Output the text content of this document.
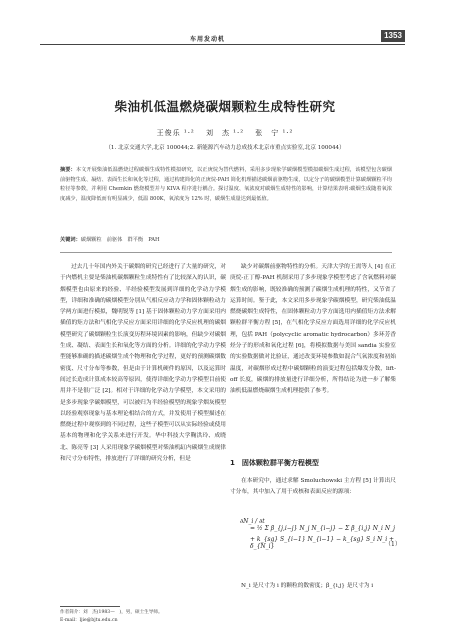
车用发动机	1353
柴油机低温燃烧碳烟颗粒生成特性研究
王俊乐 ¹·² 　刘　杰 ¹·² 　张　宁 ¹·²
（1. 北京交通大学,北京 100044;2. 新能源汽车动力总成技术北京市重点实验室,北京 100044）
摘要：本文开展柴油低温燃烧过程碳烟生成特性模拟研究，以正庚烷为替代燃料，采用多步现象学碳烟模型模拟碳烟生成过程，该模型包含碳烟前驱物生成、凝结、表面生长和氧化等过程，通过构建简化的正庚烷-PAH 简化机理描述碳烟前驱物生成，以定分子的碳烟模型计算碳烟颗粒平均粒径等参数，并利用 Chemkin 燃烧模型并与 KIVA 程序进行耦合。探讨温度、氧浓度对碳烟生成特性的影响，计算结果表明:碳烟生成随着氧浓度减少，温度降低而有明显减少，低温 800K，氧浓度为 12% 时，碳烟生成量达到最低值。
关键词：碳烟颗粒　前驱体　群平衡　PAH

过去几十年国内外关于碳烟的研究已经进行了大量的研究，对于内燃机主要是柴油机碳烟颗粒生成特性有了比较深入的认识，碳烟模型也由原来的经验、半经验模型发展到详细的化学动力学模型，详细和准确的碳烟模型分别从气相反应动力学和固体颗粒动力学两方面进行模拟，魏明锐等 [1] 基于固体颗粒动力学方面采用内插值的矩方法和气相化学反应方面采用详细的化学反应机理的碳烟模型研究了碳烟颗粒生长演变历程环境因素的影响，但缺少对碳烟生成、凝结、表面生长和氧化等方面的分析。详细的化学动力学模型能够准确的描述碳烟生成个物理和化学过程，更好的预测碳烟数密度、尺寸分布等参数，但是由于计算机硬件的原因，以及运算时间过长造成计算成本较高等原因，使得详细化学动力学模型目前使用并不是很广泛 [2]。相对于详细的化学动力学模型，本文采用的是多步现象学碳烟模型，可以被归为半经验模型的现象学烟灰模型以经验观察现象与基本理论相结合的方式，并发使用子模型描述在燃烧过程中观察到的不同过程，这些子模型可以从实际经验或使用基本的物理和化学关系来进行开发。华中科技大学鞠洪玲、成晓北、陈亮等 [3] 人采用现象学碳烟模型对柴油机缸内碳烟生成规律和尺寸分布特性，排放进行了详细的研究分析，但是

缺少对碳烟前驱物特性的分析。天津大学的王需等人 [4] 在正庚烷-正丁醇-PAH 机制采用了多步现象学模型考虑了含氧燃料对碳烟生成的影响，既较准确的预测了碳烟生成机理的特性，又节省了运算时间。鉴于此，本文采用多步现象学碳烟模型，研究柴油低温燃烧碳烟生成特性，在固体颗粒动力学方面选用内插值矩方法求解颗粒群平衡方程 [5]，在气相化学反应方面选用详细的化学反应机理，包括 PAH（polycyclic aromatic hydrocarbon）多环芳香烃分子的形成和氧化过程 [6]，将模拟数据与美国 sandia 实验室的实验数据做对比验证，通过改变环境参数如混合气氧浓度和初始温度，对碳烟形成过程中碳烟颗粒的演变过程包括爆发分数，lift-off 长度，碳烟的排放量进行详细分析，所得结论为进一步了解柴油机低温燃烧碳烟生成机理提供了参考。

1　固体颗粒群平衡方程模型
在本研究中，通过求解 Smoluchowski 主方程 [5] 计算出尺寸分布，其中加入了用于成核和表面反应的源项：
∂N_i / ∂t
= ½ Σ β_{j,i−j} N_j N_{i−j} − Σ β_{i,j} N_i N_j
+ k_{sg} S_{i−1} N_{i−1} − k_{sg} S_i N_i + δ_{N_i}	（1）
N_i 是尺寸为 i 的颗粒的数密度；β_{i,j} 是尺寸为 i
作者简介：刘　杰(1983—　)，男，硕士生导师。
E-mail：ljie@bjtu.edu.cn
